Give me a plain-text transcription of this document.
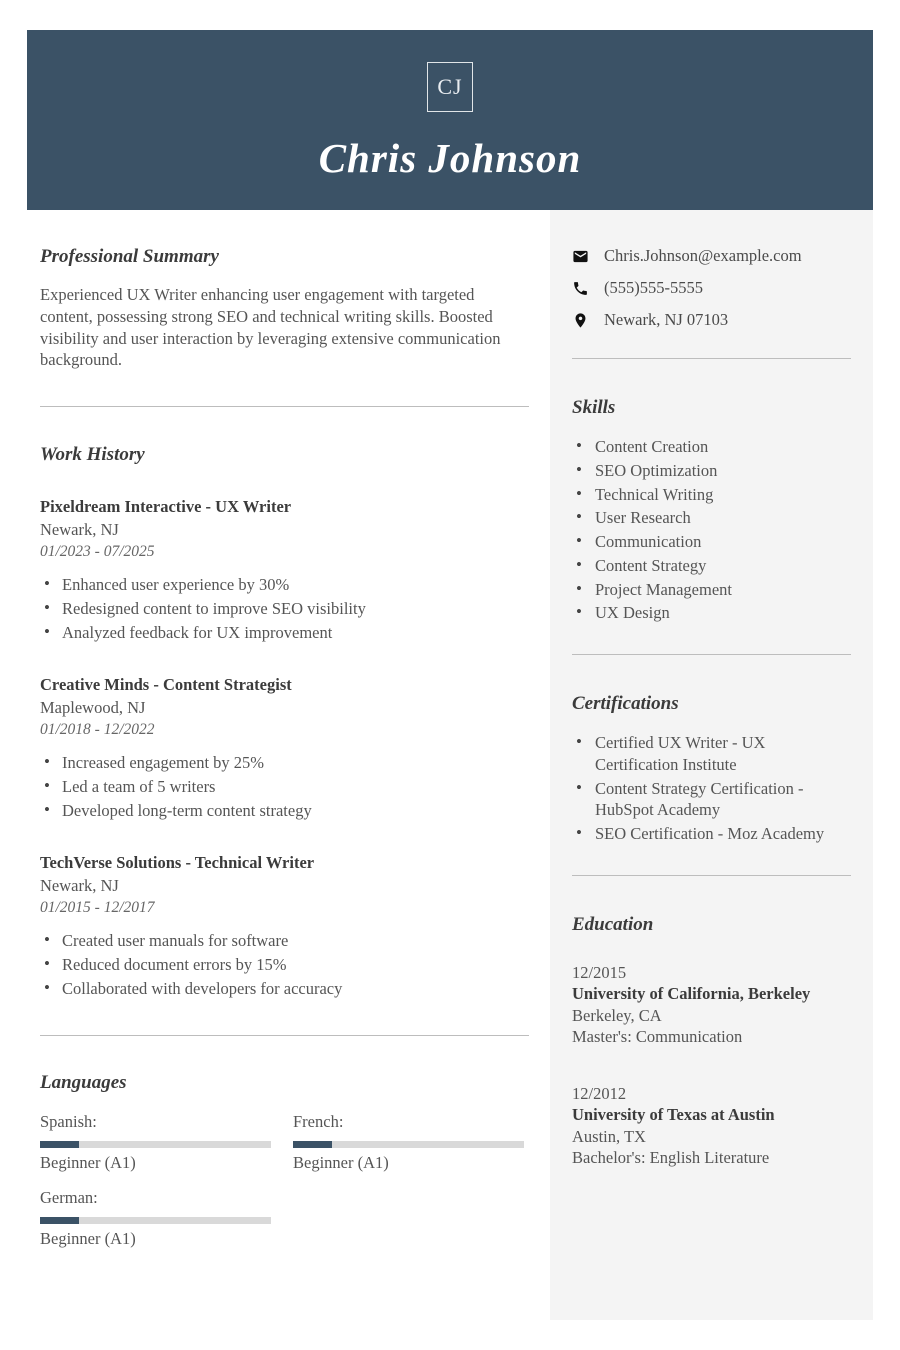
CJ
Chris Johnson
Professional Summary
Experienced UX Writer enhancing user engagement with targeted content, possessing strong SEO and technical writing skills. Boosted visibility and user interaction by leveraging extensive communication background.
Work History
Pixeldream Interactive - UX Writer
Newark, NJ
01/2023 - 07/2025
• Enhanced user experience by 30%
• Redesigned content to improve SEO visibility
• Analyzed feedback for UX improvement
Creative Minds - Content Strategist
Maplewood, NJ
01/2018 - 12/2022
• Increased engagement by 25%
• Led a team of 5 writers
• Developed long-term content strategy
TechVerse Solutions - Technical Writer
Newark, NJ
01/2015 - 12/2017
• Created user manuals for software
• Reduced document errors by 15%
• Collaborated with developers for accuracy
Languages
Spanish:
Beginner (A1)
French:
Beginner (A1)
German:
Beginner (A1)
Chris.Johnson@example.com
(555)555-5555
Newark, NJ 07103
Skills
• Content Creation
• SEO Optimization
• Technical Writing
• User Research
• Communication
• Content Strategy
• Project Management
• UX Design
Certifications
• Certified UX Writer - UX Certification Institute
• Content Strategy Certification - HubSpot Academy
• SEO Certification - Moz Academy
Education
12/2015
University of California, Berkeley
Berkeley, CA
Master's: Communication
12/2012
University of Texas at Austin
Austin, TX
Bachelor's: English Literature
